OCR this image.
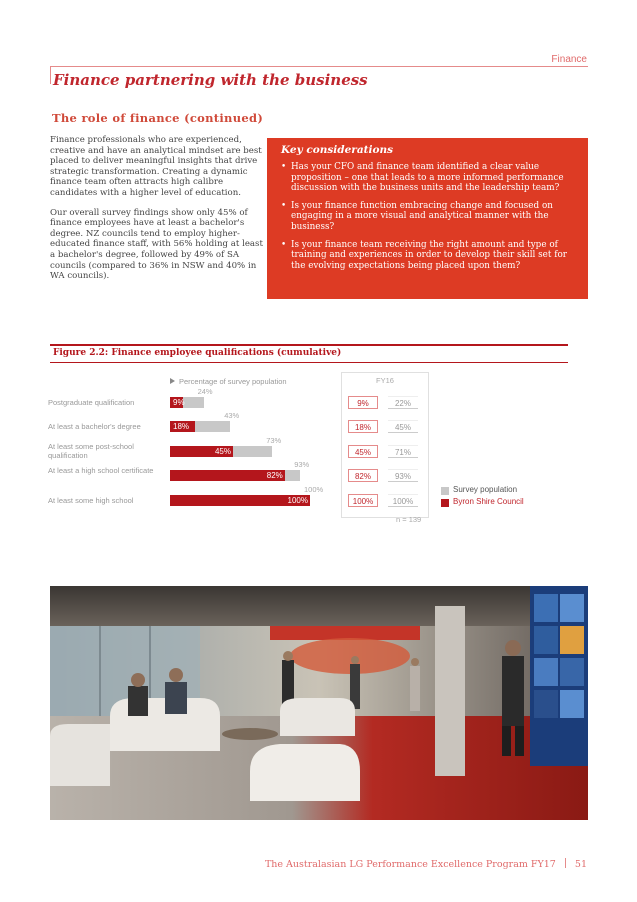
Finance
Finance partnering with the business
The role of finance (continued)

Finance professionals who are experienced, creative and have an analytical mindset are best placed to deliver meaningful insights that drive strategic transformation. Creating a dynamic finance team often attracts high calibre candidates with a higher level of education.

Our overall survey findings show only 45% of finance employees have at least a bachelor's degree. NZ councils tend to employ higher-educated finance staff, with 56% holding at least a bachelor's degree, followed by 49% of SA councils (compared to 36% in NSW and 40% in WA councils).

Key considerations

• Has your CFO and finance team identified a clear value proposition – one that leads to a more informed performance discussion with the business units and the leadership team?
• Is your finance function embracing change and focused on engaging in a more visual and analytical manner with the business?
• Is your finance team receiving the right amount and type of training and experiences in order to develop their skill set for the evolving expectations being placed upon them?

Figure 2.2: Finance employee qualifications (cumulative)

Percentage of survey population	FY16
Postgraduate qualification
24%
9%	9%	22%
At least a bachelor's degree
43%
18%	18%	45%
At least some post-school qualification
73%
45%	45%	71%
At least a high school certificate
93%
82%	82%	93%
At least some high school
100%
100%	100%	100%
n = 139
Survey population
Byron Shire Council
The Australasian LG Performance Excellence Program FY17 51
